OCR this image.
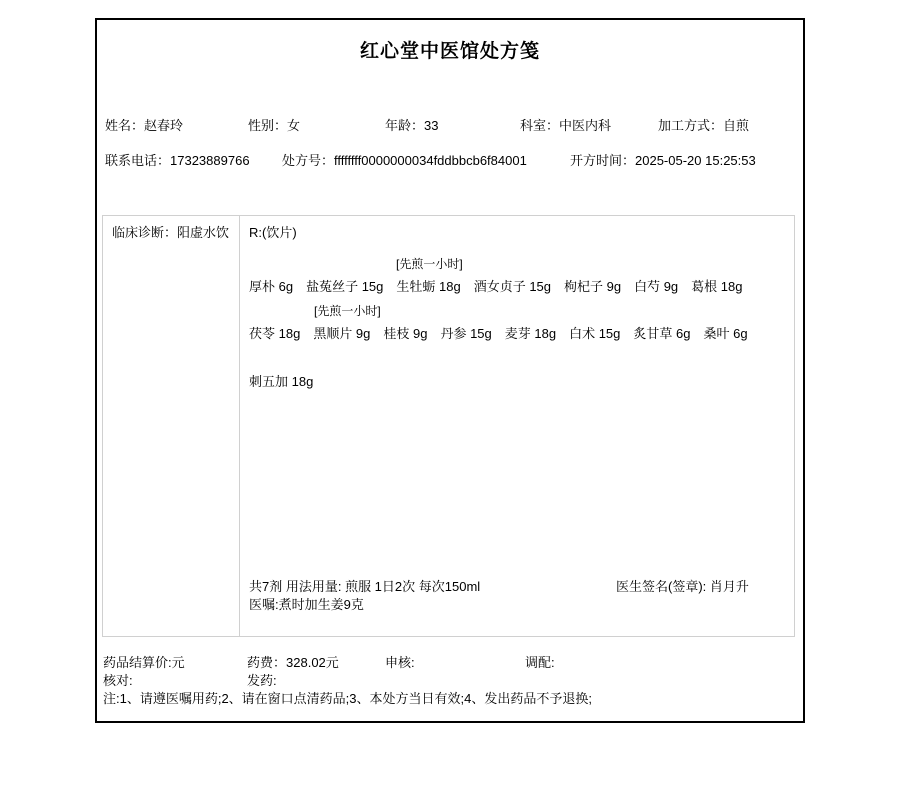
红心堂中医馆处方笺
姓名：赵春玲	性别：女	年龄：33	科室：中医内科	加工方式：自煎
联系电话：17323889766 处方号：ffffffff0000000034fddbbcb6f84001	开方时间：2025-05-20 15:25:53
临床诊断：阳虚水饮	R:(饮片)
[先煎一小时]
厚朴 6g 盐菟丝子 15g 生牡蛎 18g 酒女贞子 15g 枸杞子 9g 白芍 9g 葛根 18g
[先煎一小时]
茯苓 18g 黑顺片 9g 桂枝 9g 丹参 15g 麦芽 18g 白术 15g 炙甘草 6g 桑叶 6g
刺五加 18g
共7剂 用法用量: 煎服 1日2次 每次150ml	医生签名(签章): 肖月升
医嘱:煮时加生姜9克
药品结算价:元	药费：328.02元	申核:	调配:
核对:	发药:
注:1、请遵医嘱用药;2、请在窗口点清药品;3、本处方当日有效;4、发出药品不予退换;
